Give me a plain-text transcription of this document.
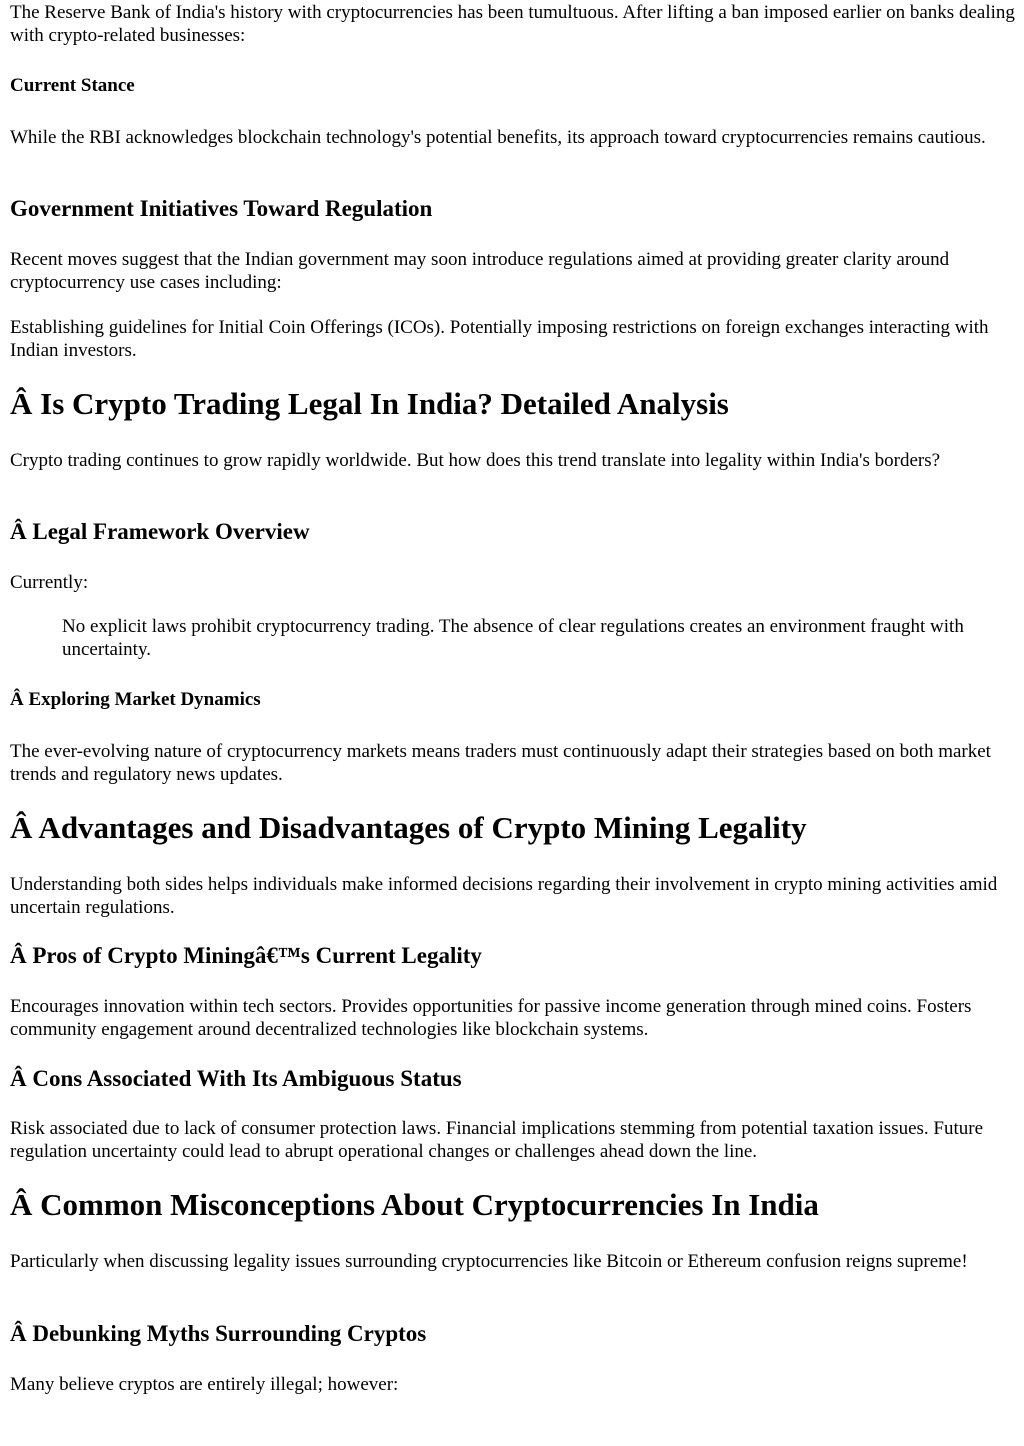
The Reserve Bank of India's history with cryptocurrencies has been tumultuous. After lifting a ban imposed earlier on banks dealing with crypto-related businesses:

Current Stance

While the RBI acknowledges blockchain technology's potential benefits, its approach toward cryptocurrencies remains cautious.

Government Initiatives Toward Regulation

Recent moves suggest that the Indian government may soon introduce regulations aimed at providing greater clarity around cryptocurrency use cases including:

Establishing guidelines for Initial Coin Offerings (ICOs). Potentially imposing restrictions on foreign exchanges interacting with Indian investors.

Â Is Crypto Trading Legal In India? Detailed Analysis

Crypto trading continues to grow rapidly worldwide. But how does this trend translate into legality within India's borders?

Â Legal Framework Overview

Currently:

No explicit laws prohibit cryptocurrency trading. The absence of clear regulations creates an environment fraught with uncertainty.
Â Exploring Market Dynamics

The ever-evolving nature of cryptocurrency markets means traders must continuously adapt their strategies based on both market trends and regulatory news updates.

Â Advantages and Disadvantages of Crypto Mining Legality

Understanding both sides helps individuals make informed decisions regarding their involvement in crypto mining activities amid uncertain regulations.

Â Pros of Crypto Miningâ€™s Current Legality

Encourages innovation within tech sectors. Provides opportunities for passive income generation through mined coins. Fosters community engagement around decentralized technologies like blockchain systems.

Â Cons Associated With Its Ambiguous Status

Risk associated due to lack of consumer protection laws. Financial implications stemming from potential taxation issues. Future regulation uncertainty could lead to abrupt operational changes or challenges ahead down the line.

Â Common Misconceptions About Cryptocurrencies In India

Particularly when discussing legality issues surrounding cryptocurrencies like Bitcoin or Ethereum confusion reigns supreme!

Â Debunking Myths Surrounding Cryptos

Many believe cryptos are entirely illegal; however:
